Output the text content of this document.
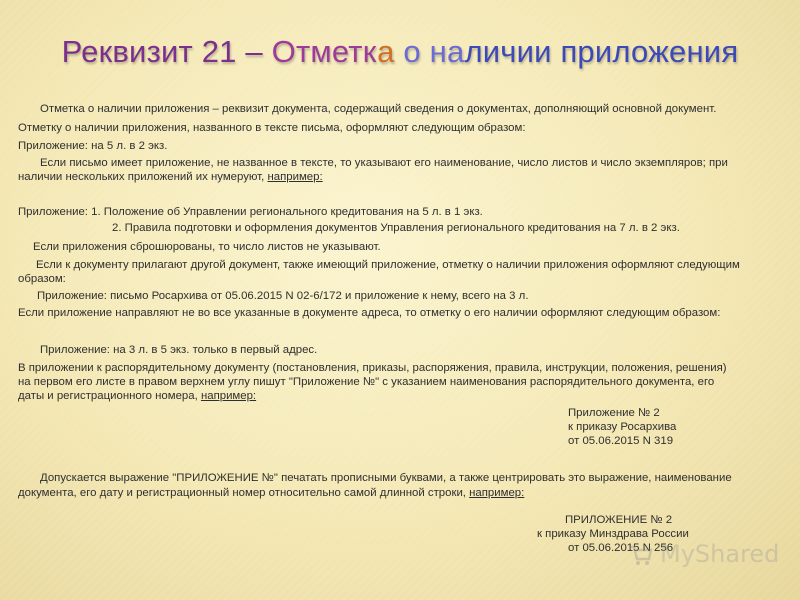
Реквизит 21 – Отметка о наличии приложения
Отметка о наличии приложения – реквизит документа, содержащий сведения о документах, дополняющий основной документ.
Отметку о наличии приложения, названного в тексте письма, оформляют следующим образом:
Приложение: на 5 л. в 2 экз.
Если письмо имеет приложение, не названное в тексте, то указывают его наименование, число листов и число экземпляров; при
наличии нескольких приложений их нумеруют, например:
Приложение: 1. Положение об Управлении регионального кредитования на 5 л. в 1 экз.
2. Правила подготовки и оформления документов Управления регионального кредитования на 7 л. в 2 экз.
Если приложения сброшюрованы, то число листов не указывают.
Если к документу прилагают другой документ, также имеющий приложение, отметку о наличии приложения оформляют следующим
образом:
Приложение: письмо Росархива от 05.06.2015 N 02-6/172 и приложение к нему, всего на 3 л.
Если приложение направляют не во все указанные в документе адреса, то отметку о его наличии оформляют следующим образом:
Приложение: на 3 л. в 5 экз. только в первый адрес.
В приложении к распорядительному документу (постановления, приказы, распоряжения, правила, инструкции, положения, решения)
на первом его листе в правом верхнем углу пишут "Приложение №" с указанием наименования распорядительного документа, его
даты и регистрационного номера, например:
Приложение № 2
к приказу Росархива
от 05.06.2015 N 319
Допускается выражение "ПРИЛОЖЕНИЕ №" печатать прописными буквами, а также центрировать это выражение, наименование
документа, его дату и регистрационный номер относительно самой длинной строки, например:
ПРИЛОЖЕНИЕ № 2
к приказу Минздрава России
от 05.06.2015 N 256
MyShared
